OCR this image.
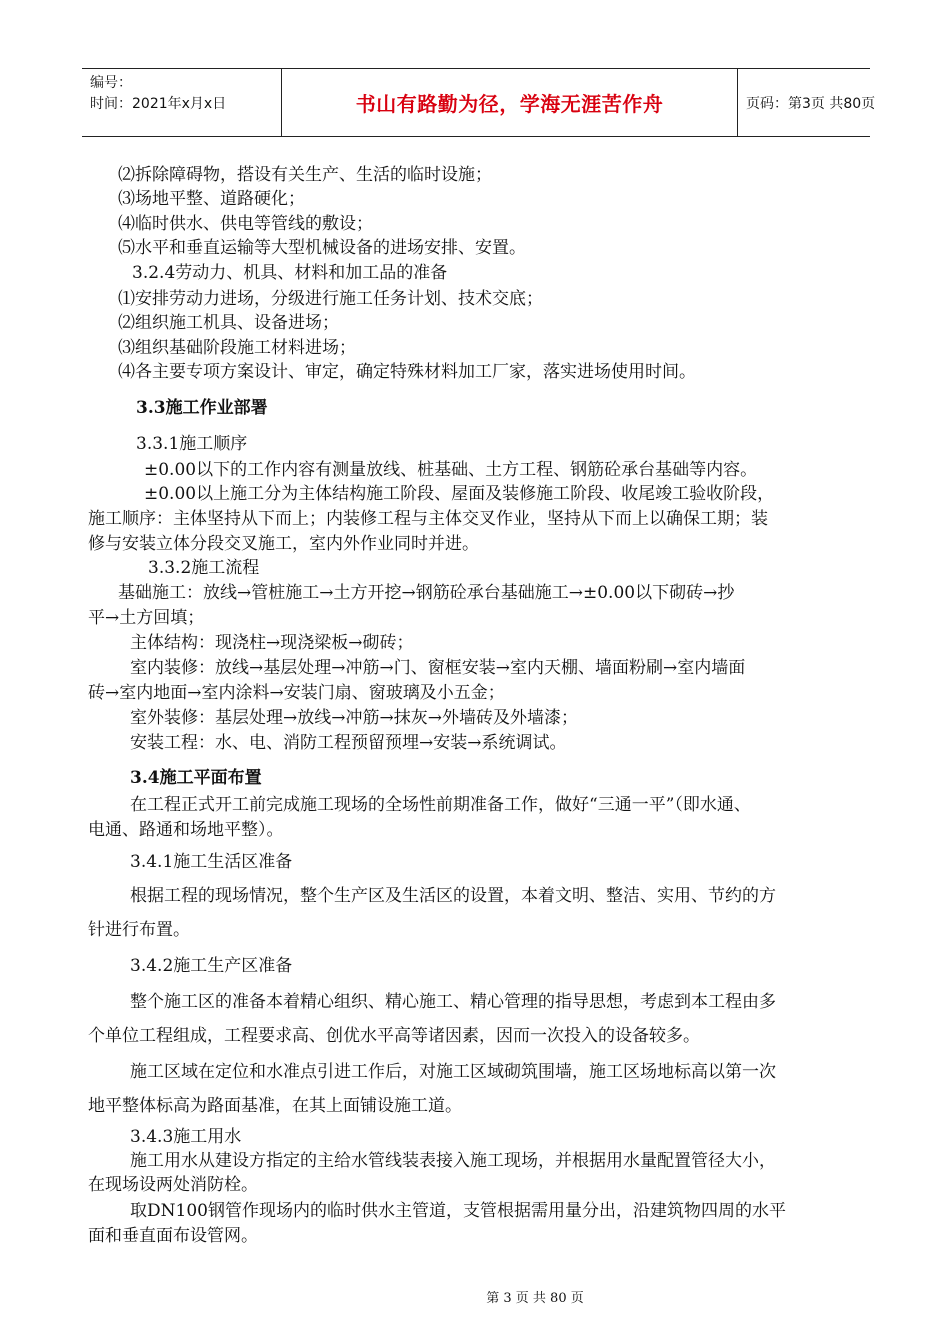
编号：
时间：2021年x月x日	书山有路勤为径，学海无涯苦作舟	页码：第3页 共80页
⑵拆除障碍物，搭设有关生产、生活的临时设施；
⑶场地平整、道路硬化；
⑷临时供水、供电等管线的敷设；
⑸水平和垂直运输等大型机械设备的进场安排、安置。
3.2.4劳动力、机具、材料和加工品的准备
⑴安排劳动力进场，分级进行施工任务计划、技术交底；
⑵组织施工机具、设备进场；
⑶组织基础阶段施工材料进场；
⑷各主要专项方案设计、审定，确定特殊材料加工厂家，落实进场使用时间。
3.3施工作业部署
3.3.1施工顺序
±0.00以下的工作内容有测量放线、桩基础、土方工程、钢筋砼承台基础等内容。
±0.00以上施工分为主体结构施工阶段、屋面及装修施工阶段、收尾竣工验收阶段，
施工顺序：主体坚持从下而上；内装修工程与主体交叉作业，坚持从下而上以确保工期；装
修与安装立体分段交叉施工，室内外作业同时并进。
3.3.2施工流程
基础施工：放线→管桩施工→土方开挖→钢筋砼承台基础施工→±0.00以下砌砖→抄
平→土方回填；
主体结构：现浇柱→现浇梁板→砌砖；
室内装修：放线→基层处理→冲筋→门、窗框安装→室内天棚、墙面粉刷→室内墙面
砖→室内地面→室内涂料→安装门扇、窗玻璃及小五金；
室外装修：基层处理→放线→冲筋→抹灰→外墙砖及外墙漆；
安装工程：水、电、消防工程预留预埋→安装→系统调试。
3.4施工平面布置
在工程正式开工前完成施工现场的全场性前期准备工作，做好“三通一平”（即水通、
电通、路通和场地平整）。
3.4.1施工生活区准备
根据工程的现场情况，整个生产区及生活区的设置，本着文明、整洁、实用、节约的方
针进行布置。
3.4.2施工生产区准备
整个施工区的准备本着精心组织、精心施工、精心管理的指导思想，考虑到本工程由多
个单位工程组成，工程要求高、创优水平高等诸因素，因而一次投入的设备较多。
施工区域在定位和水准点引进工作后，对施工区域砌筑围墙，施工区场地标高以第一次
地平整体标高为路面基准，在其上面铺设施工道。
3.4.3施工用水
施工用水从建设方指定的主给水管线装表接入施工现场，并根据用水量配置管径大小，
在现场设两处消防栓。
取DN100钢管作现场内的临时供水主管道，支管根据需用量分出，沿建筑物四周的水平
面和垂直面布设管网。
第 3 页 共 80 页
